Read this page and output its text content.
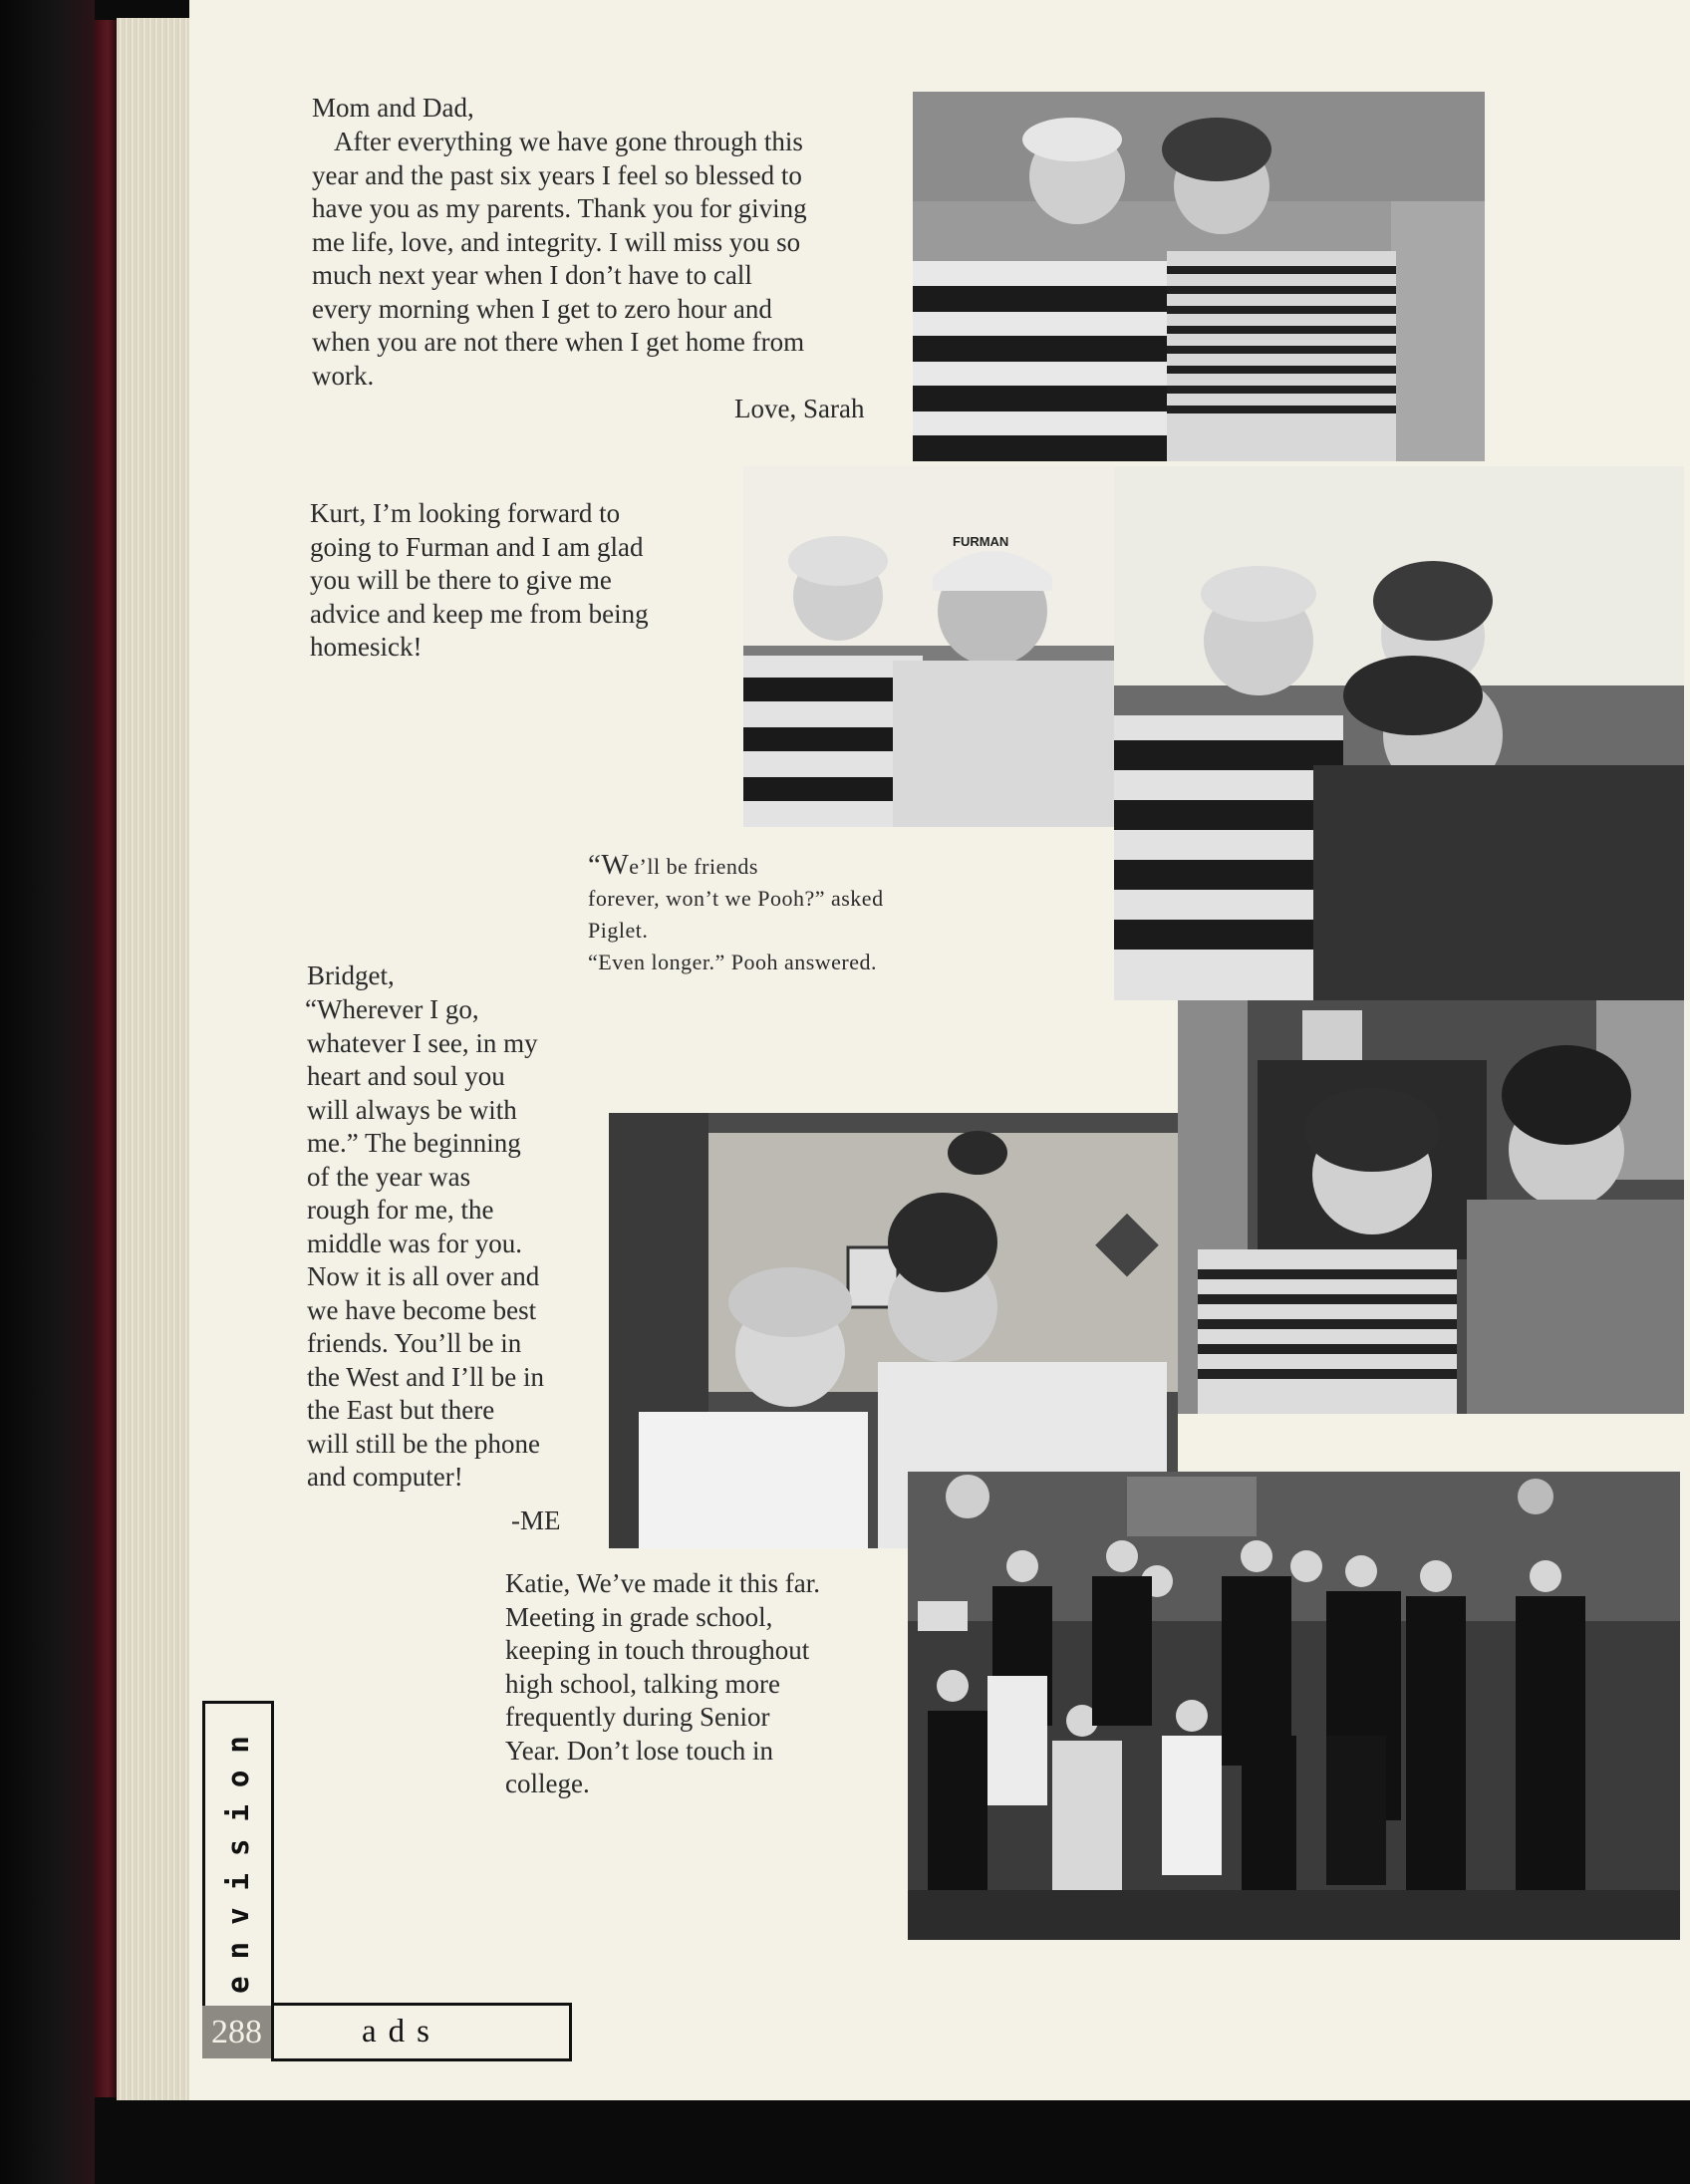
Mom and Dad,

After everything we have gone through this
year and the past six years I feel so blessed to
have you as my parents. Thank you for giving
me life, love, and integrity. I will miss you so
much next year when I don’t have to call
every morning when I get to zero hour and
when you are not there when I get home from
work.

Love, Sarah

Kurt, I’m looking forward to
going to Furman and I am glad
you will be there to give me
advice and keep me from being
homesick!

FURMAN
“We’ll be friends
forever, won’t we Pooh?” asked
Piglet.
“Even longer.” Pooh answered.

Bridget,

“Wherever I go,
whatever I see, in my
heart and soul you
will always be with
me.” The beginning
of the year was
rough for me, the
middle was for you.
Now it is all over and
we have become best
friends. You’ll be in
the West and I’ll be in
the East but there
will still be the phone
and computer!

-ME

Katie, We’ve made it this far.
Meeting in grade school,
keeping in touch throughout
high school, talking more
frequently during Senior
Year. Don’t lose touch in
college.

envision
288	ads
